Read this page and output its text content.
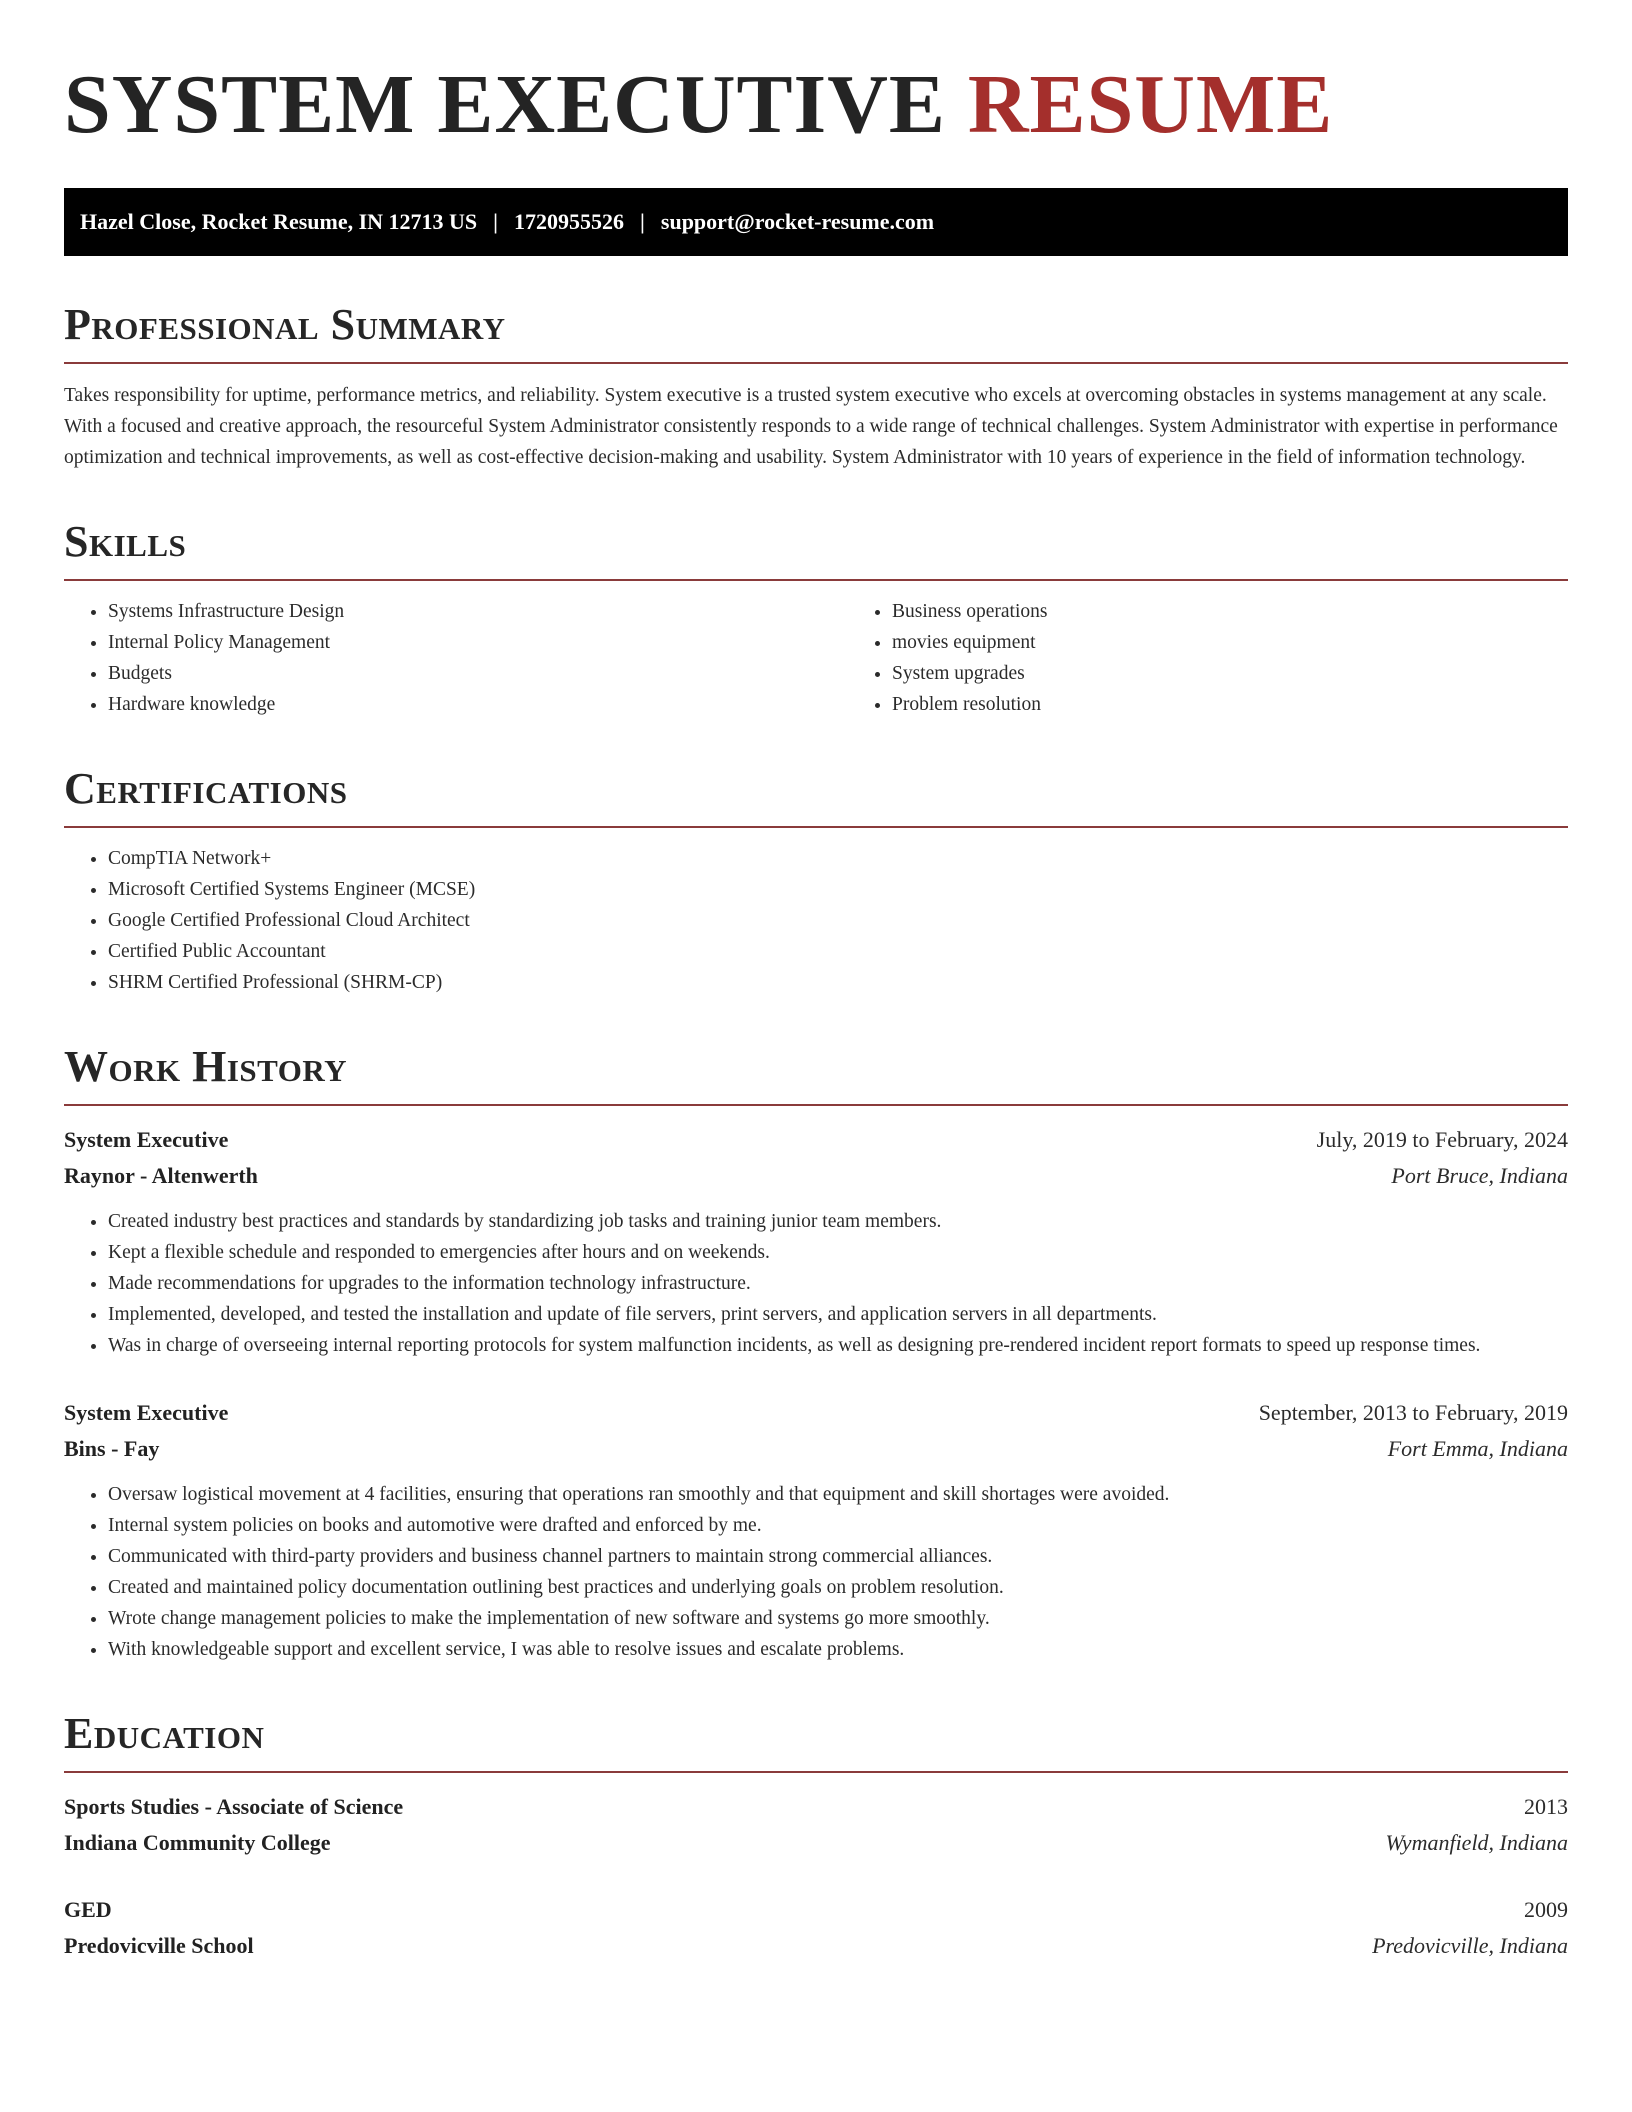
SYSTEM EXECUTIVE RESUME
Hazel Close, Rocket Resume, IN 12713 US | 1720955526 | support@rocket-resume.com
Professional Summary

Takes responsibility for uptime, performance metrics, and reliability. System executive is a trusted system executive who excels at overcoming obstacles in systems management at any scale. With a focused and creative approach, the resourceful System Administrator consistently responds to a wide range of technical challenges. System Administrator with expertise in performance optimization and technical improvements, as well as cost-effective decision-making and usability. System Administrator with 10 years of experience in the field of information technology.

Skills
• Systems Infrastructure Design
• Internal Policy Management
• Budgets
• Hardware knowledge
• Business operations
• movies equipment
• System upgrades
• Problem resolution
Certifications
• CompTIA Network+
• Microsoft Certified Systems Engineer (MCSE)
• Google Certified Professional Cloud Architect
• Certified Public Accountant
• SHRM Certified Professional (SHRM-CP)
Work History
System Executive	July, 2019 to February, 2024
Raynor - Altenwerth	Port Bruce, Indiana
• Created industry best practices and standards by standardizing job tasks and training junior team members.
• Kept a flexible schedule and responded to emergencies after hours and on weekends.
• Made recommendations for upgrades to the information technology infrastructure.
• Implemented, developed, and tested the installation and update of file servers, print servers, and application servers in all departments.
• Was in charge of overseeing internal reporting protocols for system malfunction incidents, as well as designing pre-rendered incident report formats to speed up response times.
System Executive	September, 2013 to February, 2019
Bins - Fay	Fort Emma, Indiana
• Oversaw logistical movement at 4 facilities, ensuring that operations ran smoothly and that equipment and skill shortages were avoided.
• Internal system policies on books and automotive were drafted and enforced by me.
• Communicated with third-party providers and business channel partners to maintain strong commercial alliances.
• Created and maintained policy documentation outlining best practices and underlying goals on problem resolution.
• Wrote change management policies to make the implementation of new software and systems go more smoothly.
• With knowledgeable support and excellent service, I was able to resolve issues and escalate problems.
Education
Sports Studies - Associate of Science	2013
Indiana Community College	Wymanfield, Indiana
GED	2009
Predovicville School	Predovicville, Indiana
